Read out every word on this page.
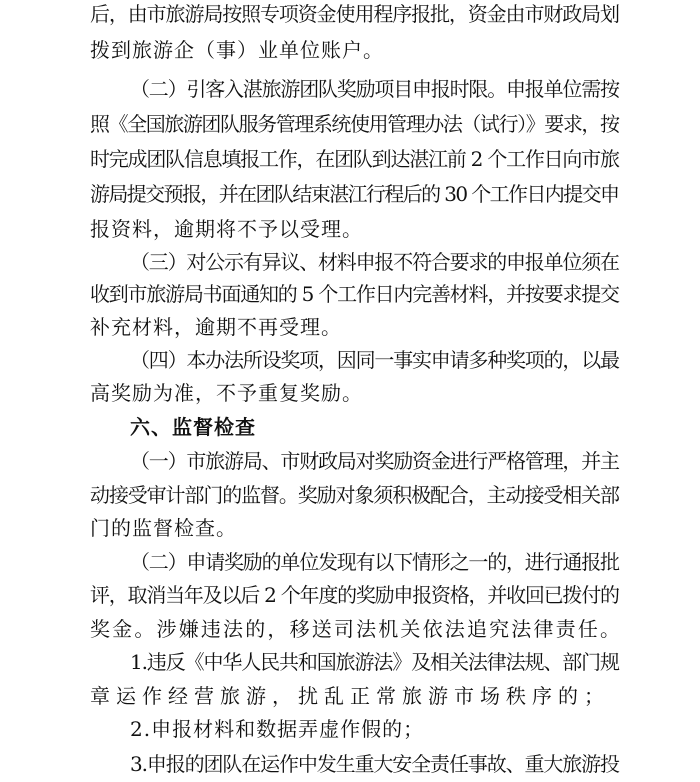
后，由市旅游局按照专项资金使用程序报批，资金由市财政局划
拨到旅游企（事）业单位账户。
（二）引客入湛旅游团队奖励项目申报时限。申报单位需按
照《全国旅游团队服务管理系统使用管理办法（试行）》要求，按
时完成团队信息填报工作，在团队到达湛江前 2 个工作日向市旅
游局提交预报，并在团队结束湛江行程后的 30 个工作日内提交申
报资料，逾期将不予以受理。
（三）对公示有异议、材料申报不符合要求的申报单位须在
收到市旅游局书面通知的 5 个工作日内完善材料，并按要求提交
补充材料，逾期不再受理。
（四）本办法所设奖项，因同一事实申请多种奖项的，以最
高奖励为准，不予重复奖励。
六、监督检查
（一）市旅游局、市财政局对奖励资金进行严格管理，并主
动接受审计部门的监督。奖励对象须积极配合，主动接受相关部
门的监督检查。
（二）申请奖励的单位发现有以下情形之一的，进行通报批
评，取消当年及以后 2 个年度的奖励申报资格，并收回已拨付的
奖金。涉嫌违法的，移送司法机关依法追究法律责任。
1.违反《中华人民共和国旅游法》及相关法律法规、部门规
章运作经营旅游，扰乱正常旅游市场秩序的；
2.申报材料和数据弄虚作假的；
3.申报的团队在运作中发生重大安全责任事故、重大旅游投
